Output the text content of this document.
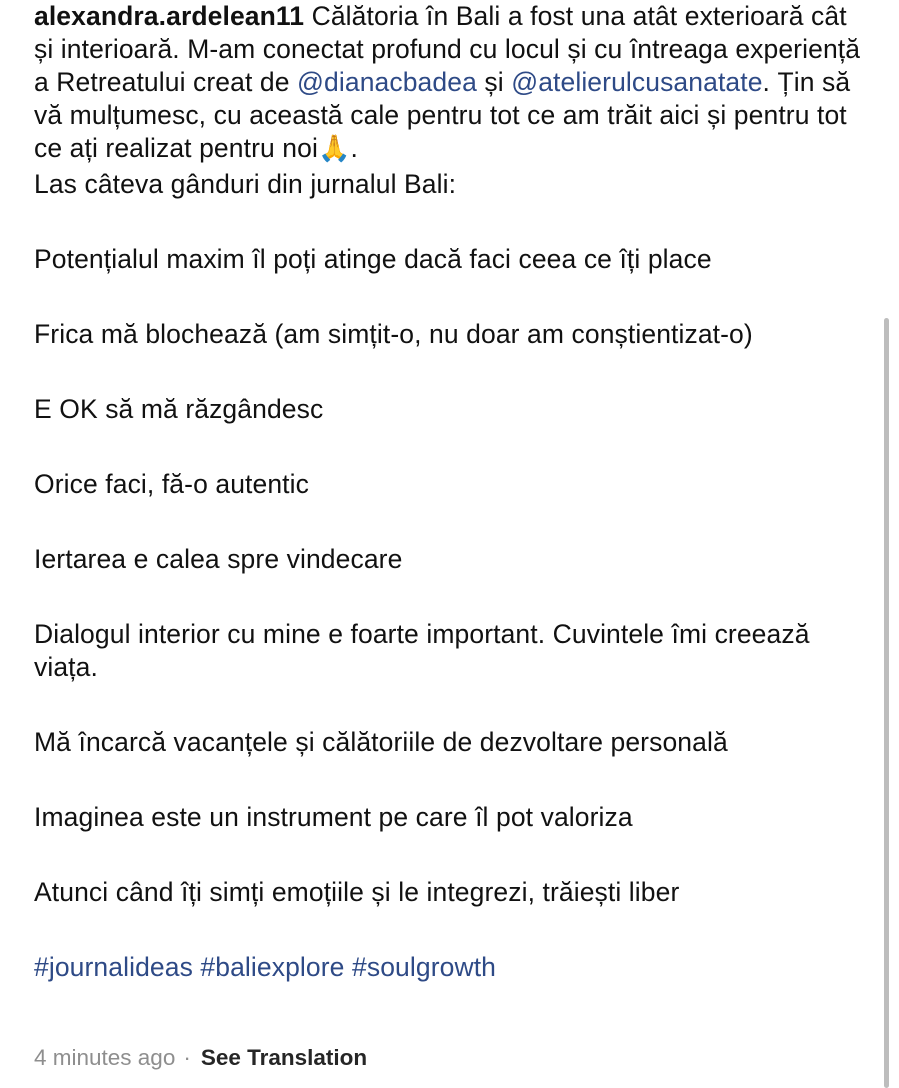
alexandra.ardelean11 Călătoria în Bali a fost una atât exterioară cât și interioară. M-am conectat profund cu locul și cu întreaga experiență a Retreatului creat de @dianacbadea și @atelierulcusanatate. Țin să vă mulțumesc, cu această cale pentru tot ce am trăit aici și pentru tot ce ați realizat pentru noi🙏.

Las câteva gânduri din jurnalul Bali:

Potențialul maxim îl poți atinge dacă faci ceea ce îți place

Frica mă blochează (am simțit-o, nu doar am conștientizat-o)

E OK să mă răzgândesc

Orice faci, fă-o autentic

Iertarea e calea spre vindecare

Dialogul interior cu mine e foarte important. Cuvintele îmi creează viața.

Mă încarcă vacanțele și călătoriile de dezvoltare personală

Imaginea este un instrument pe care îl pot valoriza

Atunci când îți simți emoțiile și le integrezi, trăiești liber

#journalideas #baliexplore #soulgrowth

4 minutes ago · See Translation
